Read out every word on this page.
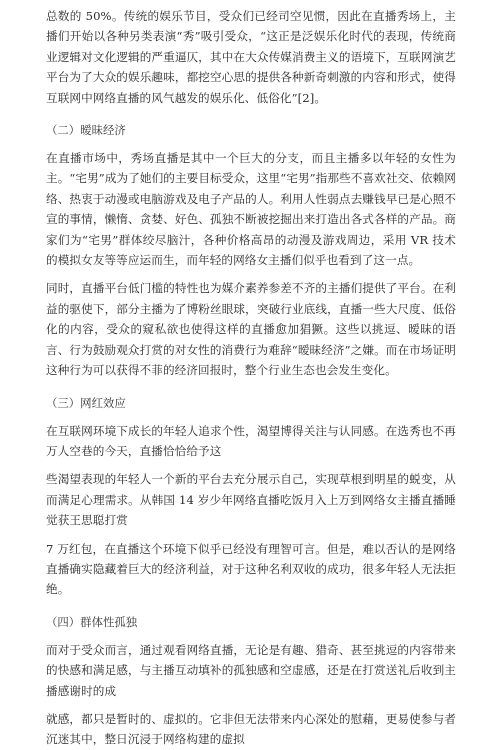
总数的 50%。传统的娱乐节目，受众们已经司空见惯，因此在直播秀场上，主播们开始以各种另类表演“秀”吸引受众，“这正是泛娱乐化时代的表现，传统商业逻辑对文化逻辑的严重逼仄，其中在大众传媒消费主义的语境下，互联网演艺平台为了大众的娱乐趣味，都挖空心思的提供各种新奇刺激的内容和形式，使得互联网中网络直播的风气越发的娱乐化、低俗化”[2]。

（二）暧昧经济

在直播市场中，秀场直播是其中一个巨大的分支，而且主播多以年轻的女性为主。“宅男”成为了她们的主要目标受众，这里“宅男”指那些不喜欢社交、依赖网络、热衷于动漫或电脑游戏及电子产品的人。利用人性弱点去赚钱早已是心照不宣的事情，懒惰、贪婪、好色、孤独不断被挖掘出来打造出各式各样的产品。商家们为“宅男”群体绞尽脑汁，各种价格高昂的动漫及游戏周边，采用 VR 技术的模拟女友等等应运而生，而年轻的网络女主播们似乎也看到了这一点。

同时，直播平台低门槛的特性也为媒介素养参差不齐的主播们提供了平台。在利益的驱使下，部分主播为了博粉丝眼球，突破行业底线，直播一些大尺度、低俗化的内容，受众的窥私欲也使得这样的直播愈加猖獗。这些以挑逗、暧昧的语言、行为鼓励观众打赏的对女性的消费行为难辞“暧昧经济”之嫌。而在市场证明这种行为可以获得不菲的经济回报时，整个行业生态也会发生变化。

（三）网红效应

在互联网环境下成长的年轻人追求个性，渴望博得关注与认同感。在选秀也不再万人空巷的今天，直播恰恰给予这

些渴望表现的年轻人一个新的平台去充分展示自己，实现草根到明星的蜕变，从而满足心理需求。从韩国 14 岁少年网络直播吃饭月入上万到网络女主播直播睡觉获王思聪打赏

7 万红包，在直播这个环境下似乎已经没有理智可言。但是，难以否认的是网络直播确实隐藏着巨大的经济利益，对于这种名利双收的成功，很多年轻人无法拒绝。

（四）群体性孤独

而对于受众而言，通过观看网络直播，无论是有趣、猎奇、甚至挑逗的内容带来的快感和满足感，与主播互动填补的孤独感和空虚感，还是在打赏送礼后收到主播感谢时的成

就感，都只是暂时的、虚拟的。它非但无法带来内心深处的慰藉，更易使参与者沉迷其中，整日沉浸于网络构建的虚拟
